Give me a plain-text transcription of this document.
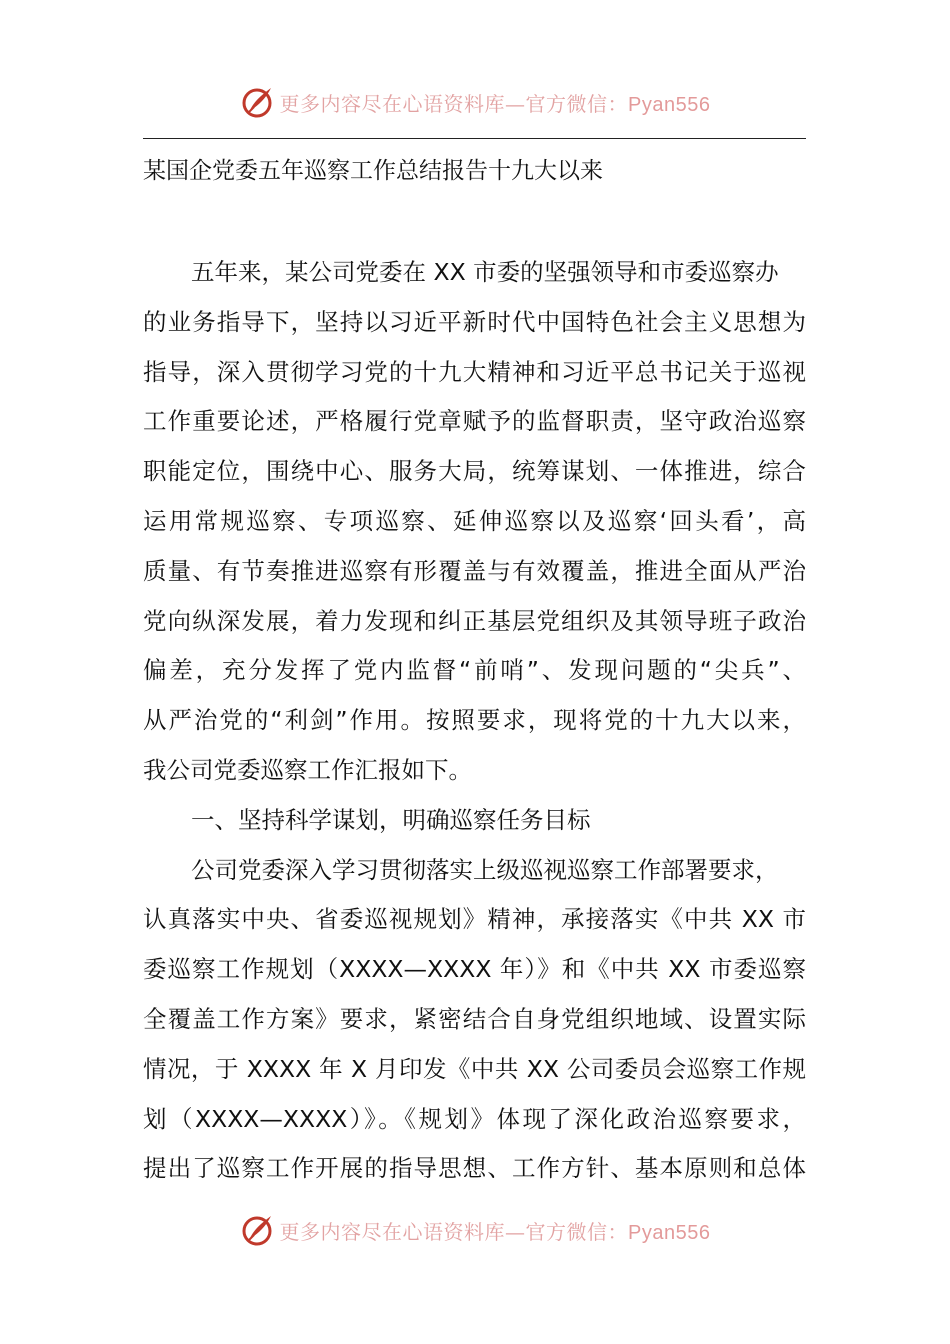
更多内容尽在心语资料库—官方微信：Pyan556
某国企党委五年巡察工作总结报告十九大以来
五年来，某公司党委在 XX 市委的坚强领导和市委巡察办
的业务指导下，坚持以习近平新时代中国特色社会主义思想为
指导，深入贯彻学习党的十九大精神和习近平总书记关于巡视
工作重要论述，严格履行党章赋予的监督职责，坚守政治巡察
职能定位，围绕中心、服务大局，统筹谋划、一体推进，综合
运用常规巡察、专项巡察、延伸巡察以及巡察‘回头看’，高
质量、有节奏推进巡察有形覆盖与有效覆盖，推进全面从严治
党向纵深发展，着力发现和纠正基层党组织及其领导班子政治
偏差，充分发挥了党内监督“前哨”、发现问题的“尖兵”、
从严治党的“利剑”作用。按照要求，现将党的十九大以来，
我公司党委巡察工作汇报如下。
一、坚持科学谋划，明确巡察任务目标
公司党委深入学习贯彻落实上级巡视巡察工作部署要求，
认真落实中央、省委巡视规划》精神，承接落实《中共 XX 市
委巡察工作规划（XXXX—XXXX 年）》和《中共 XX 市委巡察
全覆盖工作方案》要求，紧密结合自身党组织地域、设置实际
情况，于 XXXX 年 X 月印发《中共 XX 公司委员会巡察工作规
划（XXXX—XXXX）》。《规划》体现了深化政治巡察要求，
提出了巡察工作开展的指导思想、工作方针、基本原则和总体
更多内容尽在心语资料库—官方微信：Pyan556
